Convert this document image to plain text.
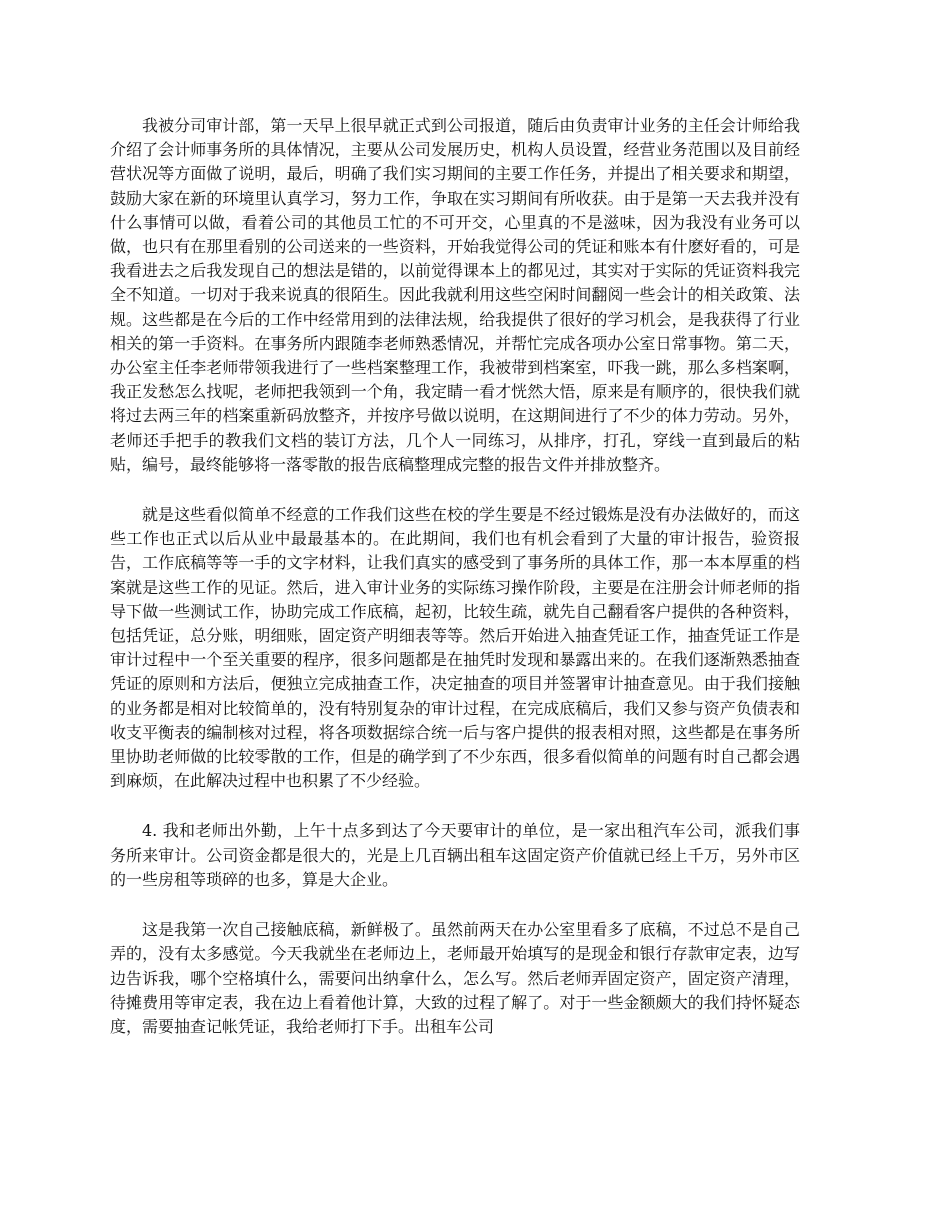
我被分司审计部，第一天早上很早就正式到公司报道，随后由负责审计业务的主任会计师给我介绍了会计师事务所的具体情况，主要从公司发展历史，机构人员设置，经营业务范围以及目前经营状况等方面做了说明，最后，明确了我们实习期间的主要工作任务，并提出了相关要求和期望，鼓励大家在新的环境里认真学习，努力工作，争取在实习期间有所收获。由于是第一天去我并没有什么事情可以做，看着公司的其他员工忙的不可开交，心里真的不是滋味，因为我没有业务可以做，也只有在那里看别的公司送来的一些资料，开始我觉得公司的凭证和账本有什麽好看的，可是我看进去之后我发现自己的想法是错的，以前觉得课本上的都见过，其实对于实际的凭证资料我完全不知道。一切对于我来说真的很陌生。因此我就利用这些空闲时间翻阅一些会计的相关政策、法规。这些都是在今后的工作中经常用到的法律法规，给我提供了很好的学习机会，是我获得了行业相关的第一手资料。在事务所内跟随李老师熟悉情况，并帮忙完成各项办公室日常事物。第二天，办公室主任李老师带领我进行了一些档案整理工作，我被带到档案室，吓我一跳，那么多档案啊，我正发愁怎么找呢，老师把我领到一个角，我定睛一看才恍然大悟，原来是有顺序的，很快我们就将过去两三年的档案重新码放整齐，并按序号做以说明，在这期间进行了不少的体力劳动。另外，老师还手把手的教我们文档的装订方法，几个人一同练习，从排序，打孔，穿线一直到最后的粘贴，编号，最终能够将一落零散的报告底稿整理成完整的报告文件并排放整齐。

就是这些看似简单不经意的工作我们这些在校的学生要是不经过锻炼是没有办法做好的，而这些工作也正式以后从业中最最基本的。在此期间，我们也有机会看到了大量的审计报告，验资报告，工作底稿等等一手的文字材料，让我们真实的感受到了事务所的具体工作，那一本本厚重的档案就是这些工作的见证。然后，进入审计业务的实际练习操作阶段，主要是在注册会计师老师的指导下做一些测试工作，协助完成工作底稿，起初，比较生疏，就先自己翻看客户提供的各种资料，包括凭证，总分账，明细账，固定资产明细表等等。然后开始进入抽查凭证工作，抽查凭证工作是审计过程中一个至关重要的程序，很多问题都是在抽凭时发现和暴露出来的。在我们逐渐熟悉抽查凭证的原则和方法后，便独立完成抽查工作，决定抽查的项目并签署审计抽查意见。由于我们接触的业务都是相对比较简单的，没有特别复杂的审计过程，在完成底稿后，我们又参与资产负债表和收支平衡表的编制核对过程，将各项数据综合统一后与客户提供的报表相对照，这些都是在事务所里协助老师做的比较零散的工作，但是的确学到了不少东西，很多看似简单的问题有时自己都会遇到麻烦，在此解决过程中也积累了不少经验。

4. 我和老师出外勤，上午十点多到达了今天要审计的单位，是一家出租汽车公司，派我们事务所来审计。公司资金都是很大的，光是上几百辆出租车这固定资产价值就已经上千万，另外市区的一些房租等琐碎的也多，算是大企业。

这是我第一次自己接触底稿，新鲜极了。虽然前两天在办公室里看多了底稿，不过总不是自己弄的，没有太多感觉。今天我就坐在老师边上，老师最开始填写的是现金和银行存款审定表，边写边告诉我，哪个空格填什么，需要问出纳拿什么，怎么写。然后老师弄固定资产，固定资产清理，待摊费用等审定表，我在边上看着他计算，大致的过程了解了。对于一些金额颇大的我们持怀疑态度，需要抽查记帐凭证，我给老师打下手。出租车公司
